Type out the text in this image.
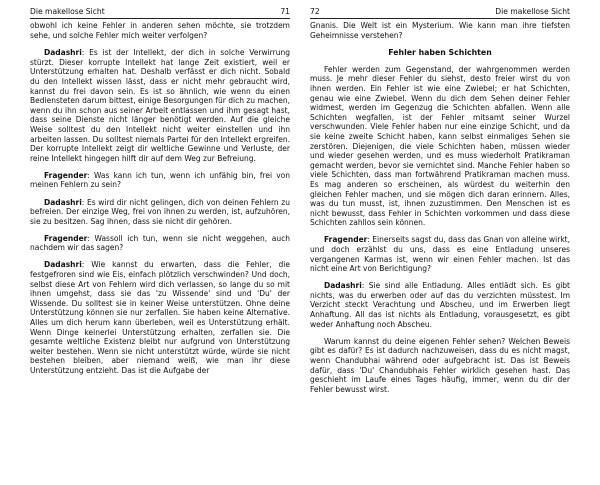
Die makellose Sicht	71

obwohl ich keine Fehler in anderen sehen möchte, sie trotzdem sehe, und solche Fehler mich weiter verfolgen?

Dadashri: Es ist der Intellekt, der dich in solche Verwirrung stürzt. Dieser korrupte Intellekt hat lange Zeit existiert, weil er Unterstützung erhalten hat. Deshalb verfässt er dich nicht. Sobald du den Intellekt wissen lässt, dass er nicht mehr gebraucht wird, kannst du frei davon sein. Es ist so ähnlich, wie wenn du einen Bediensteten darum bittest, einige Besorgungen für dich zu machen, wenn du ihn schon aus seiner Arbeit entlassen und ihm gesagt hast, dass seine Dienste nicht länger benötigt werden. Auf die gleiche Weise solltest du den Intellekt nicht weiter einstellen und ihn arbeiten lassen. Du solltest niemals Partei für den Intellekt ergreifen. Der korrupte Intellekt zeigt dir weltliche Gewinne und Verluste, der reine Intellekt hingegen hilft dir auf dem Weg zur Befreiung.

Fragender: Was kann ich tun, wenn ich unfähig bin, frei von meinen Fehlern zu sein?

Dadashri: Es wird dir nicht gelingen, dich von deinen Fehlern zu befreien. Der einzige Weg, frei von ihnen zu werden, ist, aufzuhören, sie zu besitzen. Sag ihnen, dass sie nicht dir gehören.

Fragender: Wassoll ich tun, wenn sie nicht weggehen, auch nachdem wir das sagen?

Dadashri: Wie kannst du erwarten, dass die Fehler, die festgefroren sind wie Eis, einfach plötzlich verschwinden? Und doch, selbst diese Art von Fehlern wird dich verlassen, so lange du so mit ihnen umgehst, dass sie das 'zu Wissende' sind und 'Du' der Wissende. Du solltest sie in keiner Weise unterstützen. Ohne deine Unterstützung können sie nur zerfallen. Sie haben keine Alternative. Alles um dich herum kann überleben, weil es Unterstützung erhält. Wenn Dinge keinerlei Unterstützung erhalten, zerfallen sie. Die gesamte weltliche Existenz bleibt nur aufgrund von Unterstützung weiter bestehen. Wenn sie nicht unterstützt würde, würde sie nicht bestehen bleiben, aber niemand weiß, wie man ihr diese Unterstützung entzieht. Das ist die Aufgabe der

72	Die makellose Sicht

Gnanis. Die Welt ist ein Mysterium. Wie kann man ihre tiefsten Geheimnisse verstehen?

Fehler haben Schichten

Fehler werden zum Gegenstand, der wahrgenommen werden muss. Je mehr dieser Fehler du siehst, desto freier wirst du von ihnen werden. Ein Fehler ist wie eine Zwiebel; er hat Schichten, genau wie eine Zwiebel. Wenn du dich dem Sehen deiner Fehler widmest, werden im Gegenzug die Schichten abfallen. Wenn alle Schichten wegfallen, ist der Fehler mitsamt seiner Wurzel verschwunden. Viele Fehler haben nur eine einzige Schicht, und da sie keine zweite Schicht haben, kann selbst einmaliges Sehen sie zerstören. Diejenigen, die viele Schichten haben, müssen wieder und wieder gesehen werden, und es muss wiederholt Pratikraman gemacht werden, bevor sie vernichtet sind. Manche Fehler haben so viele Schichten, dass man fortwährend Pratikraman machen muss. Es mag anderen so erscheinen, als würdest du weiterhin den gleichen Fehler machen, und sie mögen dich daran erinnern. Alles, was du tun musst, ist, ihnen zuzustimmen. Den Menschen ist es nicht bewusst, dass Fehler in Schichten vorkommen und dass diese Schichten zahllos sein können.

Fragender: Einerseits sagst du, dass das Gnan von alleine wirkt, und doch erzählst du uns, dass es eine Entladung unseres vergangenen Karmas ist, wenn wir einen Fehler machen. Ist das nicht eine Art von Berichtigung?

Dadashri: Sie sind alle Entladung. Alles entlädt sich. Es gibt nichts, was du erwerben oder auf das du verzichten müsstest. Im Verzicht steckt Verachtung und Abscheu, und im Erwerben liegt Anhaftung. All das ist nichts als Entladung, vorausgesetzt, es gibt weder Anhaftung noch Abscheu.

Warum kannst du deine eigenen Fehler sehen? Welchen Beweis gibt es dafür? Es ist dadurch nachzuweisen, dass du es nicht magst, wenn Chandubhai während oder aufgebracht ist. Das ist Beweis dafür, dass 'Du' Chandubhais Fehler wirklich gesehen hast. Das geschieht im Laufe eines Tages häufig, immer, wenn du dir der Fehler bewusst wirst.
